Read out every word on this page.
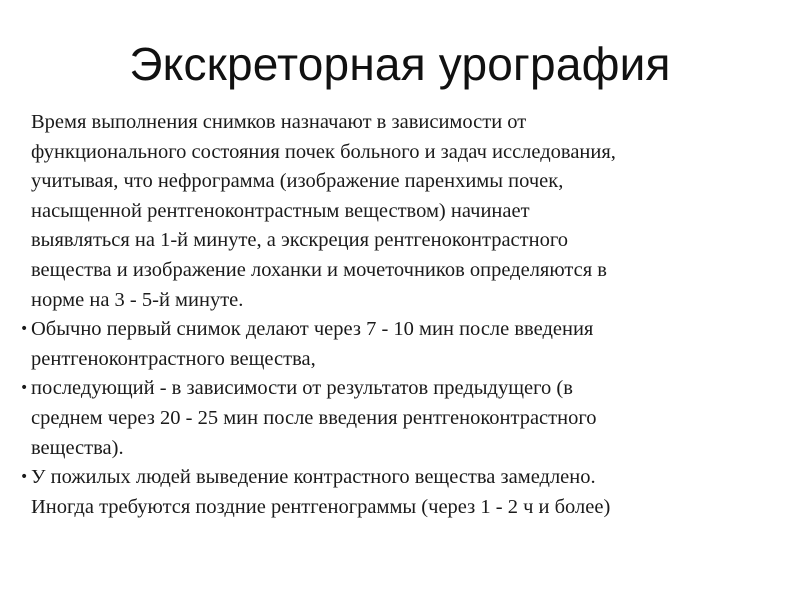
Экскреторная урография

Время выполнения снимков назначают в зависимости от
функционального состояния почек больного и задач исследования,
учитывая, что нефрограмма (изображение паренхимы почек,
насыщенной рентгеноконтрастным веществом) начинает
выявляться на 1-й минуте, а экскреция рентгеноконтрастного
вещества и изображение лоханки и мочеточников определяются в
норме на 3 - 5-й минуте.

• Обычно первый снимок делают через 7 - 10 мин после введения
рентгеноконтрастного вещества,

• последующий - в зависимости от результатов предыдущего (в
среднем через 20 - 25 мин после введения рентгеноконтрастного
вещества).

• У пожилых людей выведение контрастного вещества замедлено.
Иногда требуются поздние рентгенограммы (через 1 - 2 ч и более)
